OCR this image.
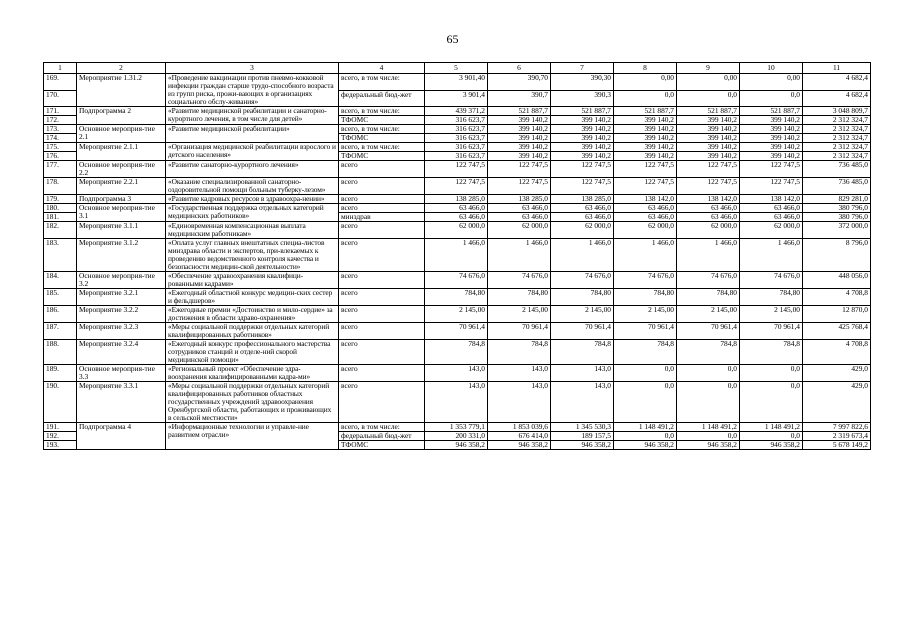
65
1	2	3	4	5	6	7	8	9	10	11
169.	Мероприятие 1.31.2	«Проведение вакцинации против пневмо-кокковой инфекции граждан старше трудо-способного возраста из групп риска, прожи-вающих в организациях социального обслу-живания»	всего, в том числе:	3 901,40	390,70	390,30	0,00	0,00	0,00	4 682,4
170.			федеральный бюд-жет	3 901,4	390,7	390,3	0,0	0,0	0,0	4 682,4
171.	Подпрограмма 2	«Развитие медицинской реабилитации и санаторно-курортного лечения, в том числе для детей»	всего, в том числе:	439 371,2	521 887,7	521 887,7	521 887,7	521 887,7	521 887,7	3 048 809,7
172.			ТФОМС	316 623,7	399 140,2	399 140,2	399 140,2	399 140,2	399 140,2	2 312 324,7
173.	Основное мероприя-тие 2.1	«Развитие медицинской реабилитации»	всего, в том числе:	316 623,7	399 140,2	399 140,2	399 140,2	399 140,2	399 140,2	2 312 324,7
174.			ТФОМС	316 623,7	399 140,2	399 140,2	399 140,2	399 140,2	399 140,2	2 312 324,7
175.	Мероприятие 2.1.1	«Организация медицинской реабилитации взрослого и детского населения»	всего, в том числе:	316 623,7	399 140,2	399 140,2	399 140,2	399 140,2	399 140,2	2 312 324,7
176.			ТФОМС	316 623,7	399 140,2	399 140,2	399 140,2	399 140,2	399 140,2	2 312 324,7
177.	Основное мероприя-тие 2.2	«Развитие санаторно-курортного лечения»	всего	122 747,5	122 747,5	122 747,5	122 747,5	122 747,5	122 747,5	736 485,0
178.	Мероприятие 2.2.1	«Оказание специализированной санаторно-оздоровительной помощи больным туберку-лезом»	всего	122 747,5	122 747,5	122 747,5	122 747,5	122 747,5	122 747,5	736 485,0
179.	Подпрограмма 3	«Развитие кадровых ресурсов в здравоохра-нении»	всего	138 285,0	138 285,0	138 285,0	138 142,0	138 142,0	138 142,0	829 281,0
180.	Основное мероприя-тие 3.1	«Государственная поддержка отдельных категорий медицинских работников»	всего	63 466,0	63 466,0	63 466,0	63 466,0	63 466,0	63 466,0	380 796,0
181.			минздрав	63 466,0	63 466,0	63 466,0	63 466,0	63 466,0	63 466,0	380 796,0
182.	Мероприятие 3.1.1	«Единовременная компенсационная выплата медицинским работникам»	всего	62 000,0	62 000,0	62 000,0	62 000,0	62 000,0	62 000,0	372 000,0
183.	Мероприятие 3.1.2	«Оплата услуг главных внештатных специа-листов минздрава области и экспертов, при-влекаемых к проведению ведомственного контроля качества и безопасности медицин-ской деятельности»	всего	1 466,0	1 466,0	1 466,0	1 466,0	1 466,0	1 466,0	8 796,0
184.	Основное мероприя-тие 3.2	«Обеспечение здравоохранения квалифици-рованными кадрами»	всего	74 676,0	74 676,0	74 676,0	74 676,0	74 676,0	74 676,0	448 056,0
185.	Мероприятие 3.2.1	«Ежегодный областной конкурс медицин-ских сестер и фельдшеров»	всего	784,80	784,80	784,80	784,80	784,80	784,80	4 708,8
186.	Мероприятие 3.2.2	«Ежегодные премии «Достоинство и мило-сердие» за достижения в области здраво-охранения»	всего	2 145,00	2 145,00	2 145,00	2 145,00	2 145,00	2 145,00	12 870,0
187.	Мероприятие 3.2.3	«Меры социальной поддержки отдельных категорий квалифицированных работников»	всего	70 961,4	70 961,4	70 961,4	70 961,4	70 961,4	70 961,4	425 768,4
188.	Мероприятие 3.2.4	«Ежегодный конкурс профессионального мастерства сотрудников станций и отделе-ний скорой медицинской помощи»	всего	784,8	784,8	784,8	784,8	784,8	784,8	4 708,8
189.	Основное мероприя-тие 3.3	«Региональный проект «Обеспечение здра-воохранения квалифицированными кадра-ми»	всего	143,0	143,0	143,0	0,0	0,0	0,0	429,0
190.	Мероприятие 3.3.1	«Меры социальной поддержки отдельных категорий квалифицированных работников областных государственных учреждений здравоохранения Оренбургской области, работающих и проживающих в сельской местности»	всего	143,0	143,0	143,0	0,0	0,0	0,0	429,0
191.	Подпрограмма 4	«Информационные технологии и управле-ние развитием отрасли»	всего, в том числе:	1 353 779,1	1 853 039,6	1 345 530,3	1 148 491,2	1 148 491,2	1 148 491,2	7 997 822,6
192.			федеральный бюд-жет	200 331,0	676 414,0	189 157,5	0,0	0,0	0,0	2 319 673,4
193.			ТФОМС	946 358,2	946 358,2	946 358,2	946 358,2	946 358,2	946 358,2	5 678 149,2
